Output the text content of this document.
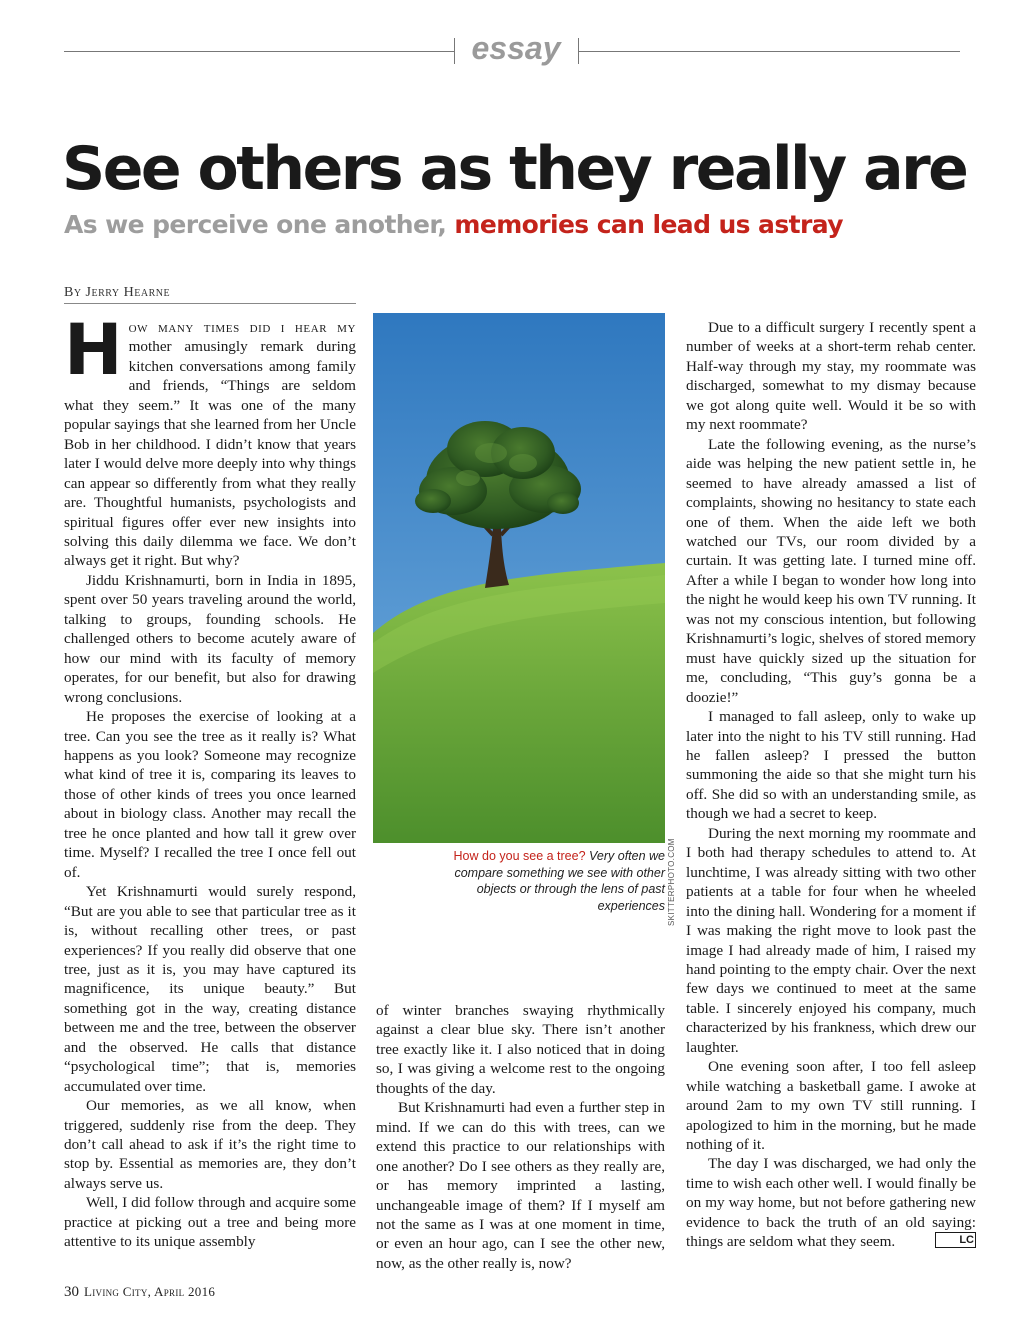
essay
See others as they really are
As we perceive one another, memories can lead us astray
By Jerry Hearne

How many times did i hear my mother amusingly remark during kitchen conversations among family and friends, “Things are seldom what they seem.” It was one of the many popular sayings that she learned from her Uncle Bob in her childhood. I didn’t know that years later I would delve more deeply into why things can appear so differently from what they really are. Thoughtful humanists, psychologists and spiritual figures offer ever new insights into solving this daily dilemma we face. We don’t always get it right. But why?

Jiddu Krishnamurti, born in India in 1895, spent over 50 years traveling around the world, talking to groups, founding schools. He challenged others to become acutely aware of how our mind with its faculty of memory operates, for our benefit, but also for drawing wrong conclusions.

He proposes the exercise of looking at a tree. Can you see the tree as it really is? What happens as you look? Someone may recognize what kind of tree it is, comparing its leaves to those of other kinds of trees you once learned about in biology class. Another may recall the tree he once planted and how tall it grew over time. Myself? I recalled the tree I once fell out of.

Yet Krishnamurti would surely respond, “But are you able to see that particular tree as it is, without recalling other trees, or past experiences? If you really did observe that one tree, just as it is, you may have captured its magnificence, its unique beauty.” But something got in the way, creating distance between me and the tree, between the observer and the observed. He calls that distance “psychological time”; that is, memories accumulated over time.

Our memories, as we all know, when triggered, suddenly rise from the deep. They don’t call ahead to ask if it’s the right time to stop by. Essential as memories are, they don’t always serve us.

Well, I did follow through and acquire some practice at picking out a tree and being more attentive to its unique assembly

SKITTERPHOTO.COM
How do you see a tree? Very often we compare something we see with other objects or through the lens of past experiences

of winter branches swaying rhythmically against a clear blue sky. There isn’t another tree exactly like it. I also noticed that in doing so, I was giving a welcome rest to the ongoing thoughts of the day.

But Krishnamurti had even a further step in mind. If we can do this with trees, can we extend this practice to our relationships with one another? Do I see others as they really are, or has memory imprinted a lasting, unchangeable image of them? If I myself am not the same as I was at one moment in time, or even an hour ago, can I see the other new, now, as the other really is, now?

Due to a difficult surgery I recently spent a number of weeks at a short-term rehab center. Half-way through my stay, my roommate was discharged, somewhat to my dismay because we got along quite well. Would it be so with my next roommate?

Late the following evening, as the nurse’s aide was helping the new patient settle in, he seemed to have already amassed a list of complaints, showing no hesitancy to state each one of them. When the aide left we both watched our TVs, our room divided by a curtain. It was getting late. I turned mine off. After a while I began to wonder how long into the night he would keep his own TV running. It was not my conscious intention, but following Krishnamurti’s logic, shelves of stored memory must have quickly sized up the situation for me, concluding, “This guy’s gonna be a doozie!”

I managed to fall asleep, only to wake up later into the night to his TV still running. Had he fallen asleep? I pressed the button summoning the aide so that she might turn his off. She did so with an understanding smile, as though we had a secret to keep.

During the next morning my roommate and I both had therapy schedules to attend to. At lunchtime, I was already sitting with two other patients at a table for four when he wheeled into the dining hall. Wondering for a moment if I was making the right move to look past the image I had already made of him, I raised my hand pointing to the empty chair. Over the next few days we continued to meet at the same table. I sincerely enjoyed his company, much characterized by his frankness, which drew our laughter.

One evening soon after, I too fell asleep while watching a basketball game. I awoke at around 2am to my own TV still running. I apologized to him in the morning, but he made nothing of it.

The day I was discharged, we had only the time to wish each other well. I would finally be on my way home, but not before gathering new evidence to back the truth of an old saying: things are seldom what they seem.	LC

30 Living City, April 2016
